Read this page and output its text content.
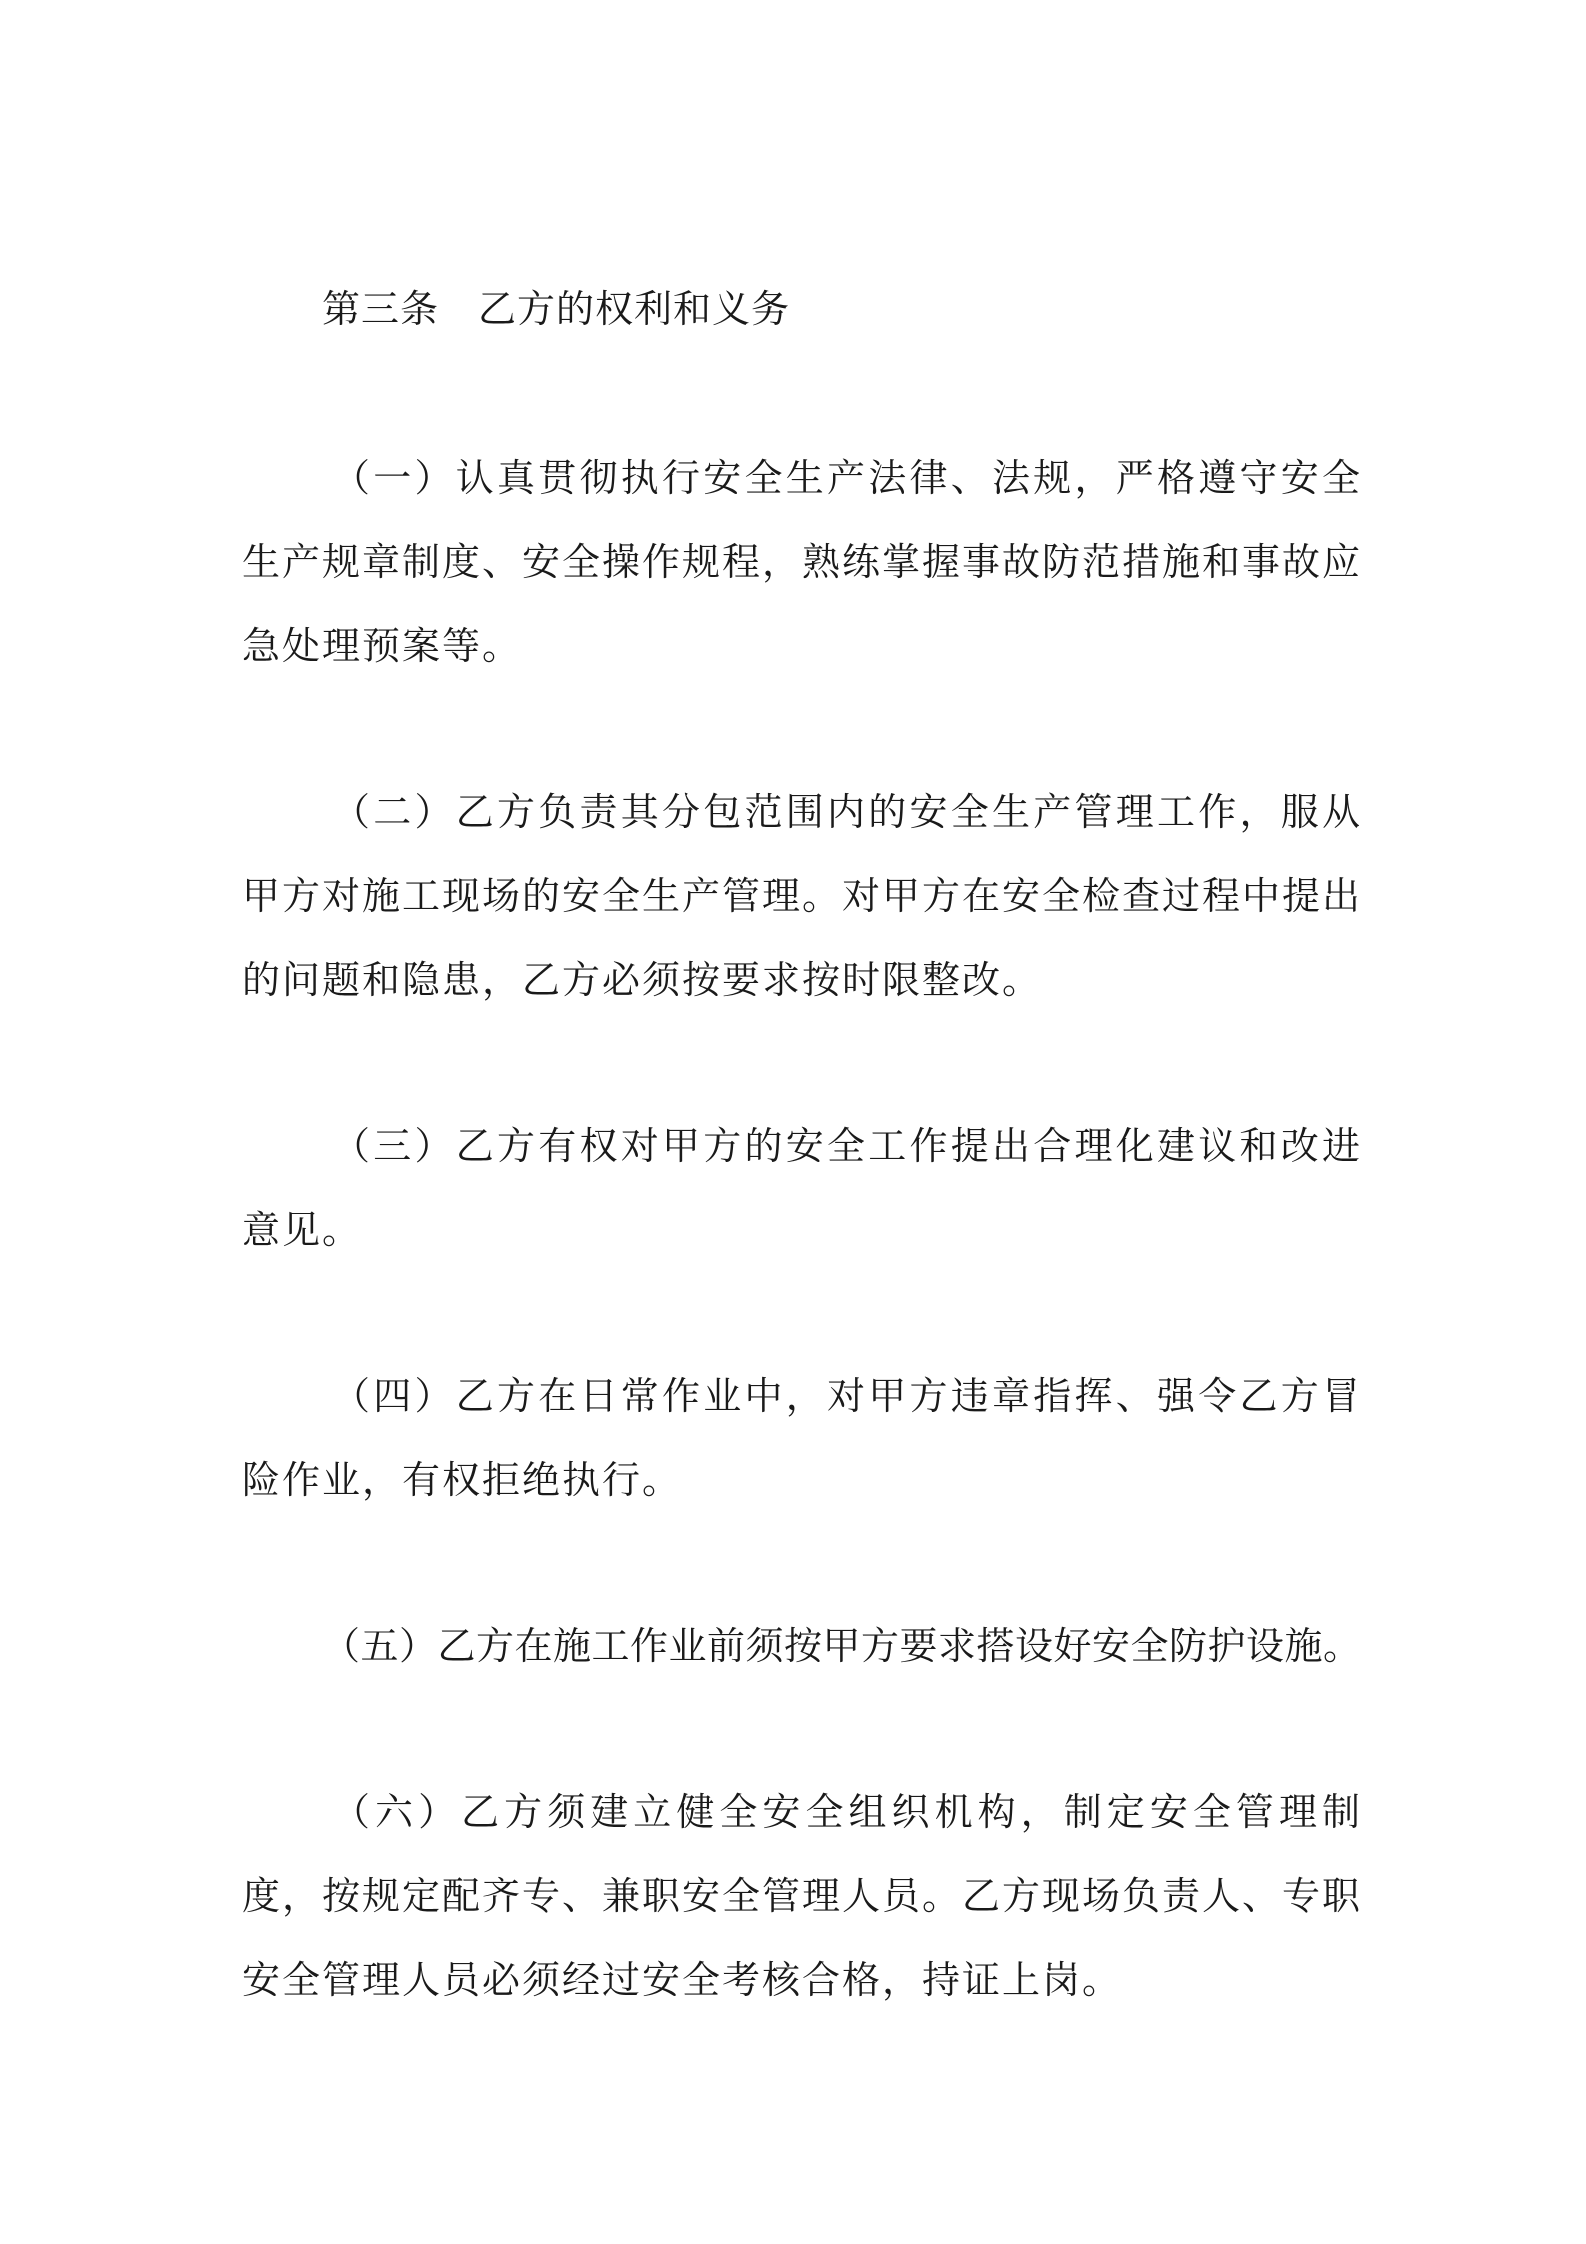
第三条　乙方的权利和义务

（一）认真贯彻执行安全生产法律、法规，严格遵守安全生产规章制度、安全操作规程，熟练掌握事故防范措施和事故应急处理预案等。

（二）乙方负责其分包范围内的安全生产管理工作，服从甲方对施工现场的安全生产管理。对甲方在安全检查过程中提出的问题和隐患，乙方必须按要求按时限整改。

（三）乙方有权对甲方的安全工作提出合理化建议和改进意见。

（四）乙方在日常作业中，对甲方违章指挥、强令乙方冒险作业，有权拒绝执行。

（五）乙方在施工作业前须按甲方要求搭设好安全防护设施。

（六）乙方须建立健全安全组织机构，制定安全管理制度，按规定配齐专、兼职安全管理人员。乙方现场负责人、专职安全管理人员必须经过安全考核合格，持证上岗。
